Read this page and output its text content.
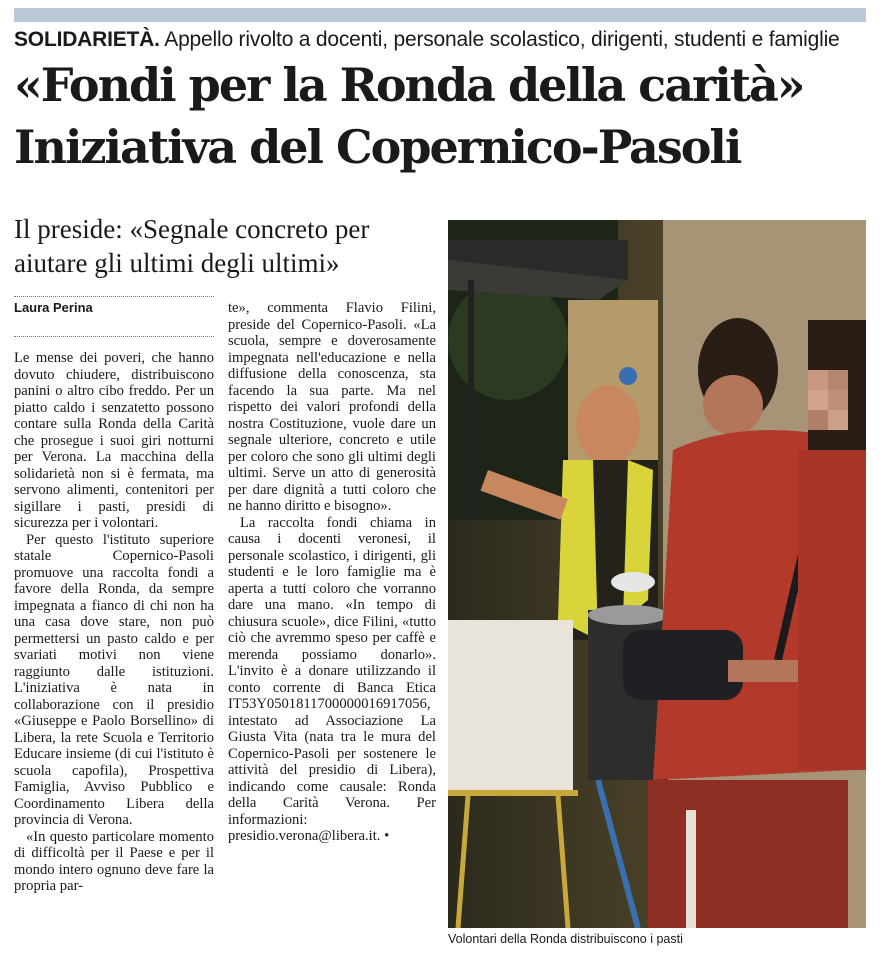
SOLIDARIETÀ. Appello rivolto a docenti, personale scolastico, dirigenti, studenti e famiglie
«Fondi per la Ronda della carità»
Iniziativa del Copernico-Pasoli
Il preside: «Segnale concreto per aiutare gli ultimi degli ultimi»
Laura Perina

Le mense dei poveri, che hanno dovuto chiudere, distribuiscono panini o altro cibo freddo. Per un piatto caldo i senzatetto possono contare sulla Ronda della Carità che prosegue i suoi giri notturni per Verona. La macchina della solidarietà non si è fermata, ma servono alimenti, contenitori per sigillare i pasti, presidi di sicurezza per i volontari.

Per questo l'istituto superiore statale Copernico-Pasoli promuove una raccolta fondi a favore della Ronda, da sempre impegnata a fianco di chi non ha una casa dove stare, non può permettersi un pasto caldo e per svariati motivi non viene raggiunto dalle istituzioni. L'iniziativa è nata in collaborazione con il presidio «Giuseppe e Paolo Borsellino» di Libera, la rete Scuola e Territorio Educare insieme (di cui l'istituto è scuola capofila), Prospettiva Famiglia, Avviso Pubblico e Coordinamento Libera della provincia di Verona.

«In questo particolare momento di difficoltà per il Paese e per il mondo intero ognuno deve fare la propria par-

te», commenta Flavio Filini, preside del Copernico-Pasoli. «La scuola, sempre e doverosamente impegnata nell'educazione e nella diffusione della conoscenza, sta facendo la sua parte. Ma nel rispetto dei valori profondi della nostra Costituzione, vuole dare un segnale ulteriore, concreto e utile per coloro che sono gli ultimi degli ultimi. Serve un atto di generosità per dare dignità a tutti coloro che ne hanno diritto e bisogno».

La raccolta fondi chiama in causa i docenti veronesi, il personale scolastico, i dirigenti, gli studenti e le loro famiglie ma è aperta a tutti coloro che vorranno dare una mano. «In tempo di chiusura scuole», dice Filini, «tutto ciò che avremmo speso per caffè e merenda possiamo donarlo». L'invito è a donare utilizzando il conto corrente di Banca Etica IT53Y0501811700000016917056, intestato ad Associazione La Giusta Vita (nata tra le mura del Copernico-Pasoli per sostenere le attività del presidio di Libera), indicando come causale: Ronda della Carità Verona. Per informazioni: presidio.verona@libera.it. •

Volontari della Ronda distribuiscono i pasti
